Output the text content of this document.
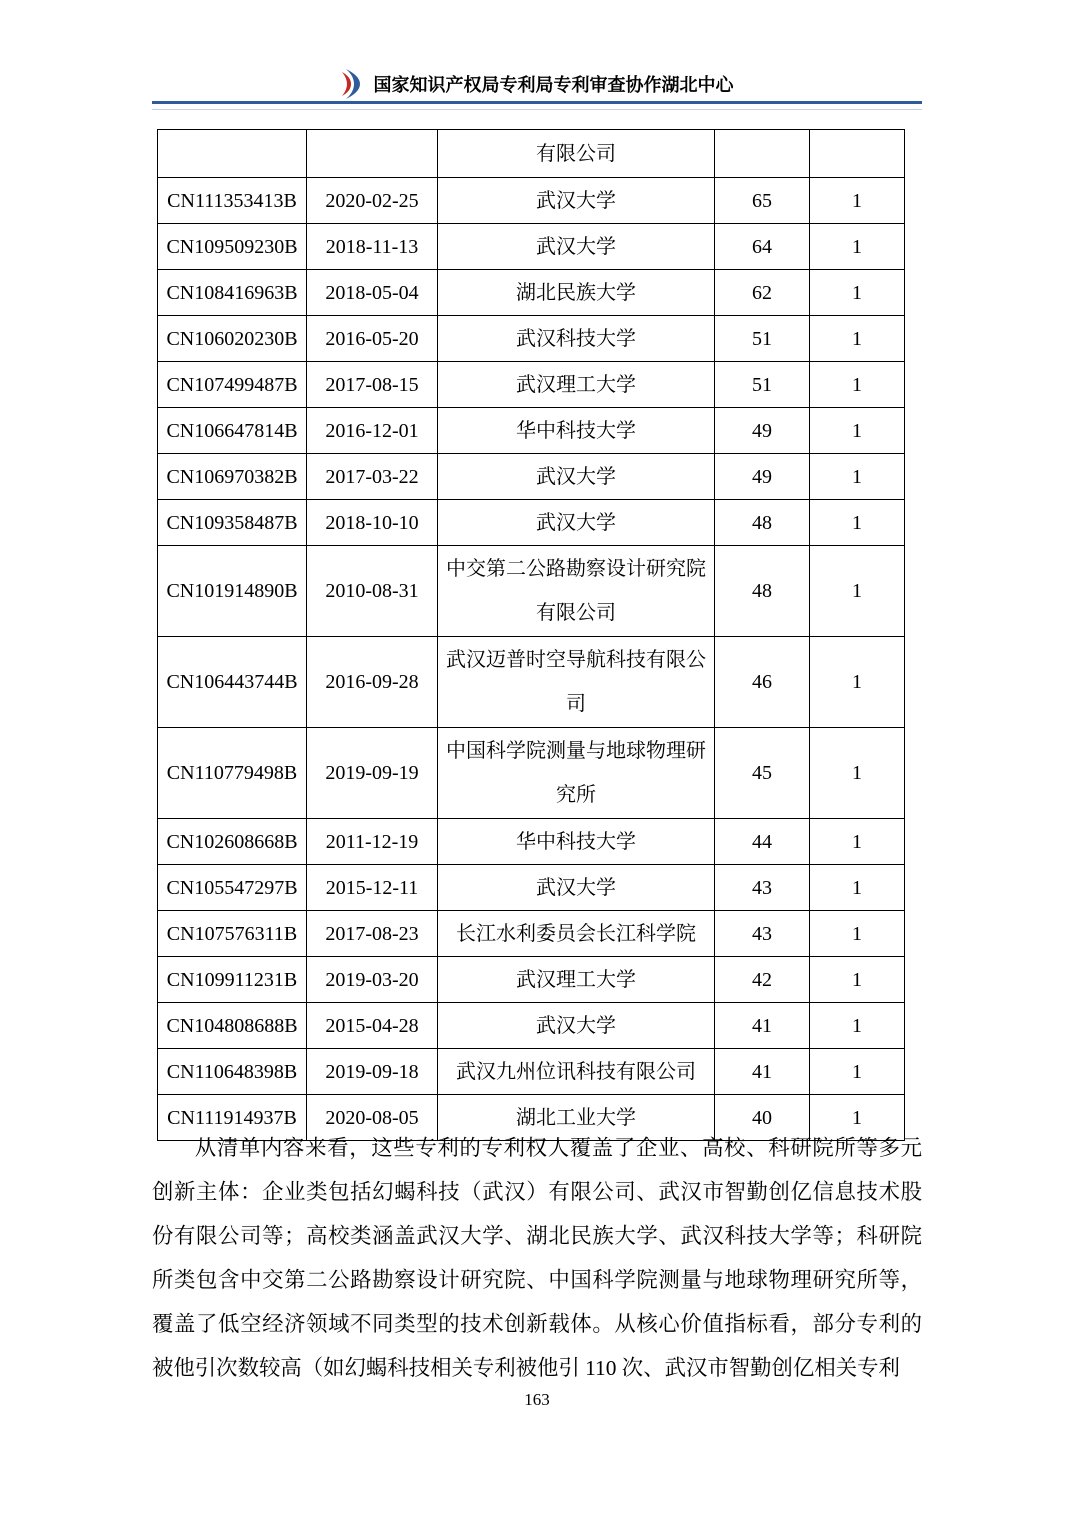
国家知识产权局专利局专利审查协作湖北中心
		有限公司		
CN111353413B	2020-02-25	武汉大学	65	1
CN109509230B	2018-11-13	武汉大学	64	1
CN108416963B	2018-05-04	湖北民族大学	62	1
CN106020230B	2016-05-20	武汉科技大学	51	1
CN107499487B	2017-08-15	武汉理工大学	51	1
CN106647814B	2016-12-01	华中科技大学	49	1
CN106970382B	2017-03-22	武汉大学	49	1
CN109358487B	2018-10-10	武汉大学	48	1
CN101914890B	2010-08-31	中交第二公路勘察设计研究院有限公司	48	1
CN106443744B	2016-09-28	武汉迈普时空导航科技有限公司	46	1
CN110779498B	2019-09-19	中国科学院测量与地球物理研究所	45	1
CN102608668B	2011-12-19	华中科技大学	44	1
CN105547297B	2015-12-11	武汉大学	43	1
CN107576311B	2017-08-23	长江水利委员会长江科学院	43	1
CN109911231B	2019-03-20	武汉理工大学	42	1
CN104808688B	2015-04-28	武汉大学	41	1
CN110648398B	2019-09-18	武汉九州位讯科技有限公司	41	1
CN111914937B	2020-08-05	湖北工业大学	40	1

从清单内容来看，这些专利的专利权人覆盖了企业、高校、科研院所等多元创新主体：企业类包括幻蝎科技（武汉）有限公司、武汉市智勤创亿信息技术股份有限公司等；高校类涵盖武汉大学、湖北民族大学、武汉科技大学等；科研院所类包含中交第二公路勘察设计研究院、中国科学院测量与地球物理研究所等，覆盖了低空经济领域不同类型的技术创新载体。从核心价值指标看，部分专利的被他引次数较高（如幻蝎科技相关专利被他引 110 次、武汉市智勤创亿相关专利

163
